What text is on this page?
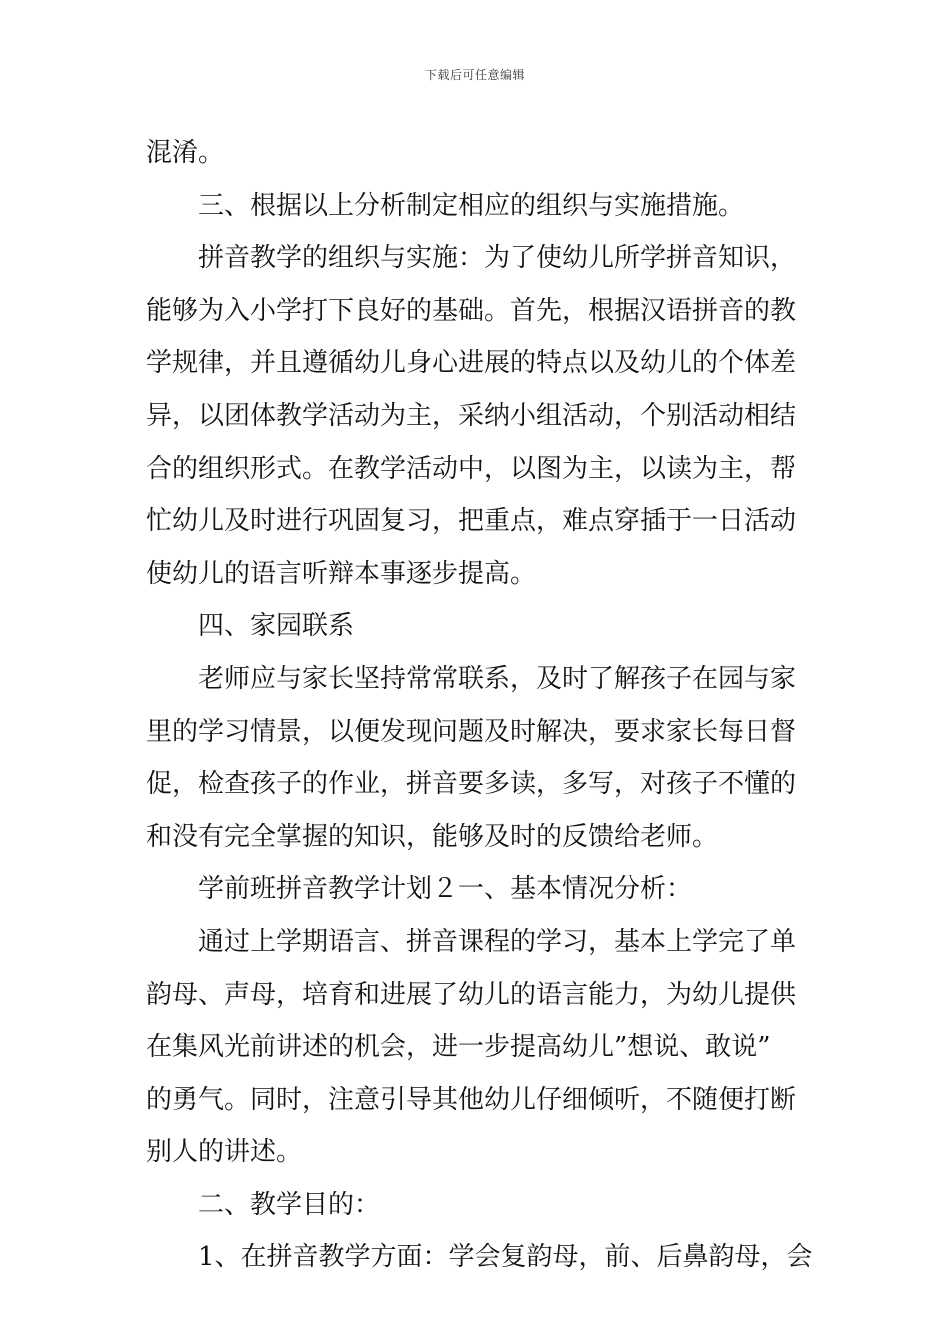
下载后可任意编辑
混淆。
三、根据以上分析制定相应的组织与实施措施。
拼音教学的组织与实施：为了使幼儿所学拼音知识，
能够为入小学打下良好的基础。首先，根据汉语拼音的教
学规律，并且遵循幼儿身心进展的特点以及幼儿的个体差
异，以团体教学活动为主，采纳小组活动，个别活动相结
合的组织形式。在教学活动中，以图为主，以读为主，帮
忙幼儿及时进行巩固复习，把重点，难点穿插于一日活动
使幼儿的语言听辩本事逐步提高。
四、家园联系
老师应与家长坚持常常联系，及时了解孩子在园与家
里的学习情景，以便发现问题及时解决，要求家长每日督
促，检查孩子的作业，拼音要多读，多写，对孩子不懂的
和没有完全掌握的知识，能够及时的反馈给老师。
学前班拼音教学计划２一、基本情况分析：
通过上学期语言、拼音课程的学习，基本上学完了单
韵母、声母，培育和进展了幼儿的语言能力，为幼儿提供
在集风光前讲述的机会，进一步提高幼儿”想说、敢说”
的勇气。同时，注意引导其他幼儿仔细倾听，不随便打断
别人的讲述。
二、教学目的：
1、在拼音教学方面：学会复韵母，前、后鼻韵母，会
